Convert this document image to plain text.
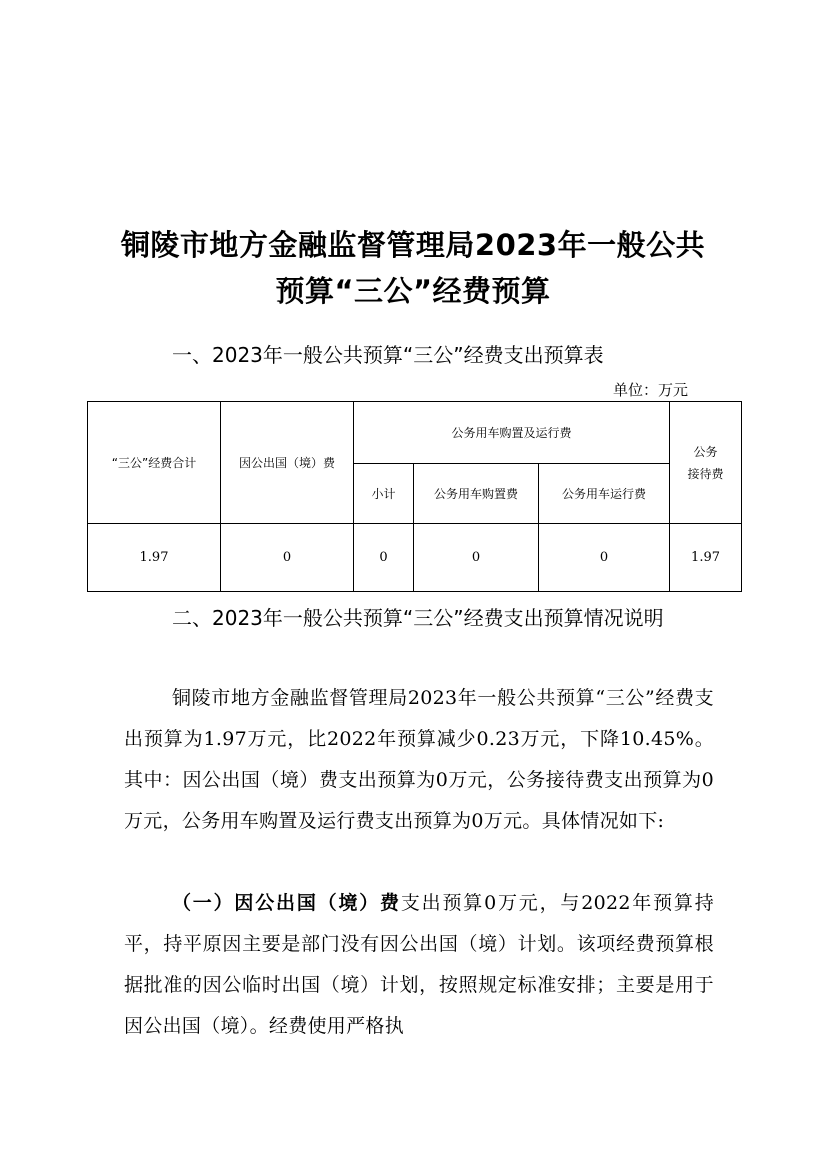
铜陵市地方金融监督管理局2023年一般公共
预算“三公”经费预算
一、2023年一般公共预算“三公”经费支出预算表
单位：万元
“三公”经费合计	因公出国（境）费	公务用车购置及运行费			公务
接待费
		小计	公务用车购置费	公务用车运行费	
1.97	0	0	0	0	1.97
二、2023年一般公共预算“三公”经费支出预算情况说明
铜陵市地方金融监督管理局2023年一般公共预算“三公”经费支出预算为1.97万元，比2022年预算减少0.23万元，下降10.45%。其中：因公出国（境）费支出预算为0万元，公务接待费支出预算为0万元，公务用车购置及运行费支出预算为0万元。具体情况如下:
（一）因公出国（境）费支出预算0万元，与2022年预算持平，持平原因主要是部门没有因公出国（境）计划。该项经费预算根据批准的因公临时出国（境）计划，按照规定标准安排；主要是用于因公出国（境）。经费使用严格执
